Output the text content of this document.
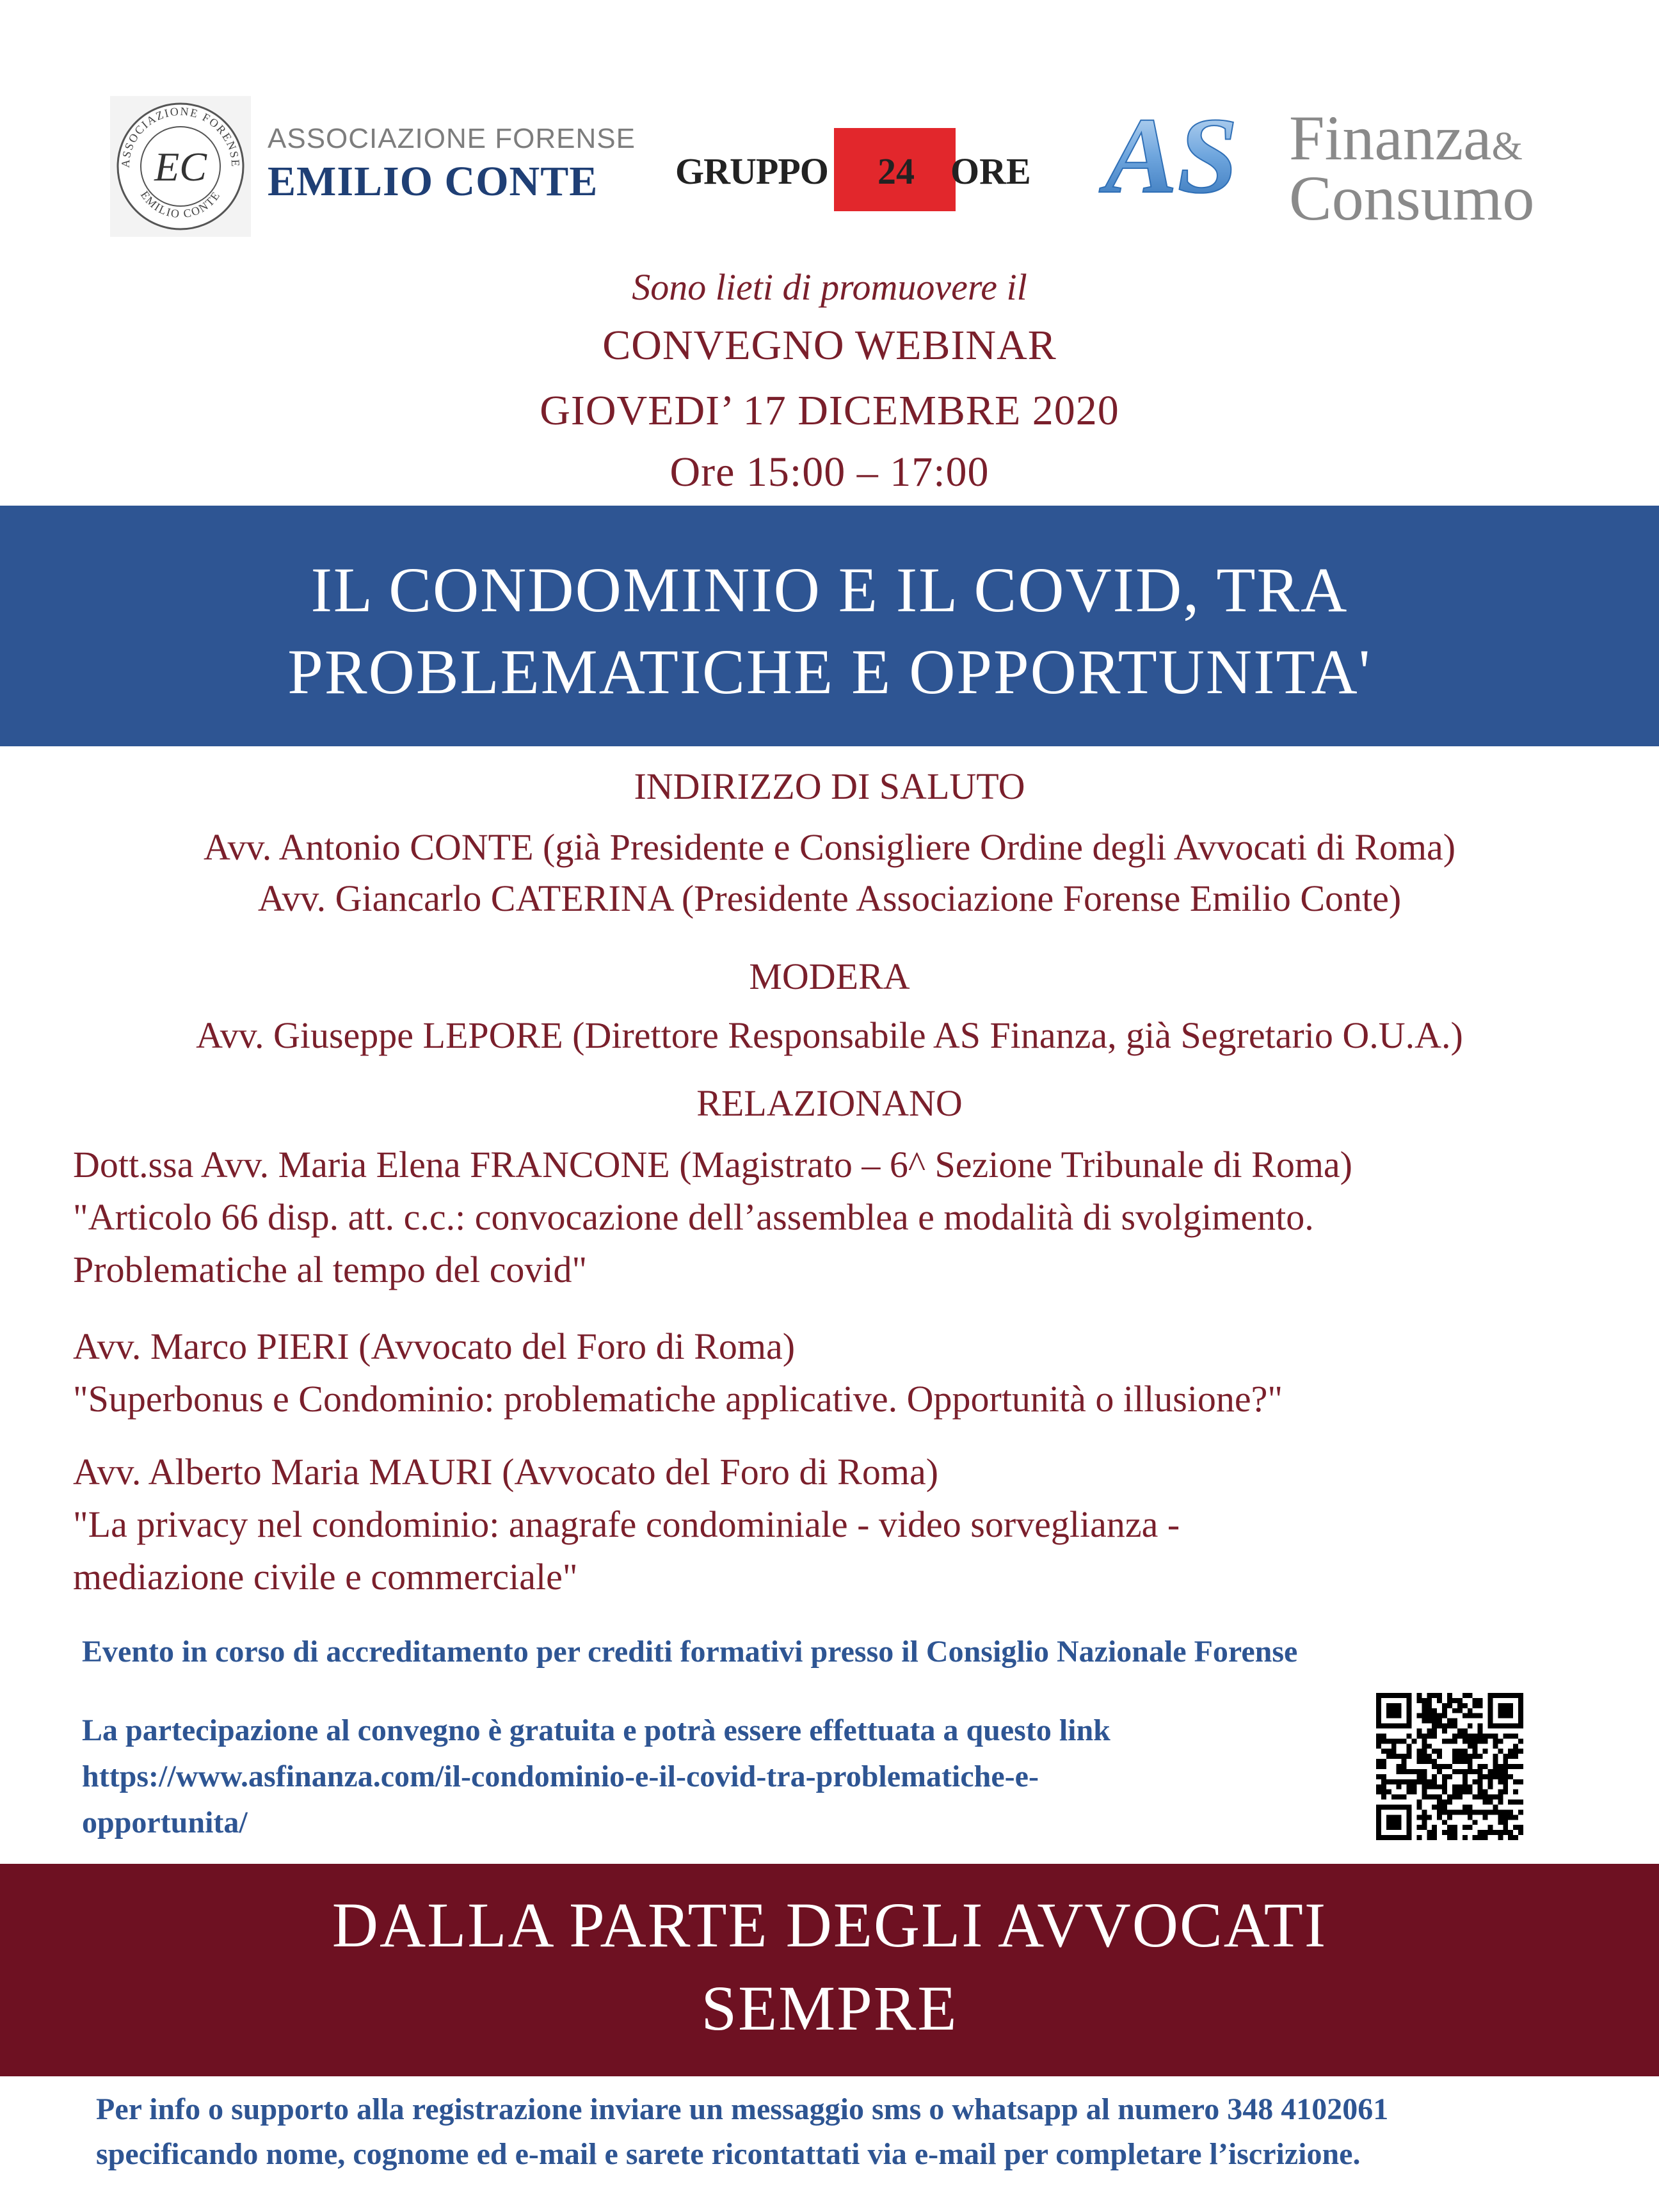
ASSOCIAZIONE FORENSE
EMILIO CONTE
EC
ASSOCIAZIONE FORENSE
EMILIO CONTE GRUPPO	24 ORE AS Finanza&
Consumo
Sono lieti di promuovere il
CONVEGNO WEBINAR
GIOVEDI’ 17 DICEMBRE 2020
Ore 15:00 – 17:00
IL CONDOMINIO E IL COVID, TRA
PROBLEMATICHE E OPPORTUNITA'
INDIRIZZO DI SALUTO
Avv. Antonio CONTE (già Presidente e Consigliere Ordine degli Avvocati di Roma)
Avv. Giancarlo CATERINA (Presidente Associazione Forense Emilio Conte)
MODERA
Avv. Giuseppe LEPORE (Direttore Responsabile AS Finanza, già Segretario O.U.A.)
RELAZIONANO
Dott.ssa Avv. Maria Elena FRANCONE (Magistrato – 6^ Sezione Tribunale di Roma)
"Articolo 66 disp. att. c.c.: convocazione dell’assemblea e modalità di svolgimento.
Problematiche al tempo del covid"
Avv. Marco PIERI (Avvocato del Foro di Roma)
"Superbonus e Condominio: problematiche applicative. Opportunità o illusione?"
Avv. Alberto Maria MAURI (Avvocato del Foro di Roma)
"La privacy nel condominio: anagrafe condominiale - video sorveglianza -
mediazione civile e commerciale"
Evento in corso di accreditamento per crediti formativi presso il Consiglio Nazionale Forense
La partecipazione al convegno è gratuita e potrà essere effettuata a questo link
https://www.asfinanza.com/il-condominio-e-il-covid-tra-problematiche-e-
opportunita/
DALLA PARTE DEGLI AVVOCATI
SEMPRE
Per info o supporto alla registrazione inviare un messaggio sms o whatsapp al numero 348 4102061
specificando nome, cognome ed e-mail e sarete ricontattati via e-mail per completare l’iscrizione.
